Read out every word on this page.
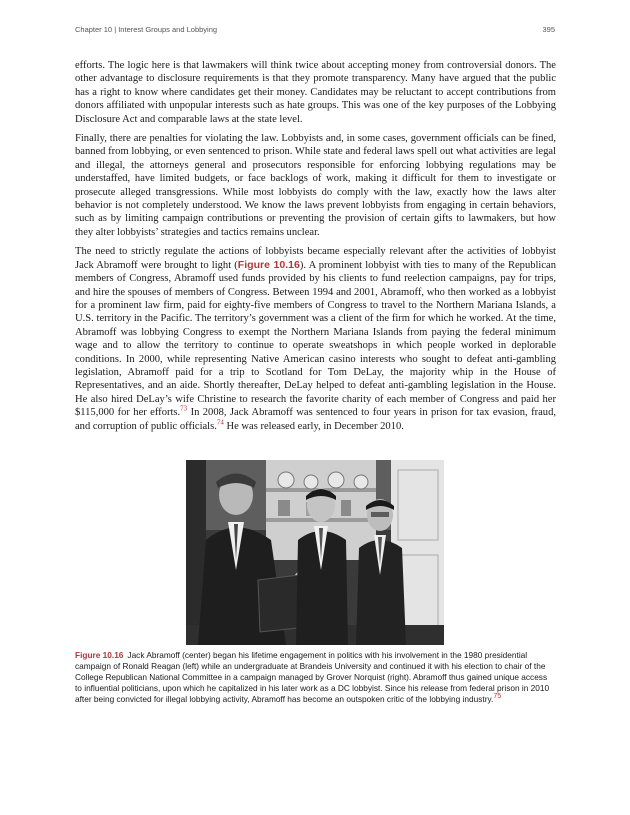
Chapter 10 | Interest Groups and Lobbying	395

efforts. The logic here is that lawmakers will think twice about accepting money from controversial donors. The other advantage to disclosure requirements is that they promote transparency. Many have argued that the public has a right to know where candidates get their money. Candidates may be reluctant to accept contributions from donors affiliated with unpopular interests such as hate groups. This was one of the key purposes of the Lobbying Disclosure Act and comparable laws at the state level.

Finally, there are penalties for violating the law. Lobbyists and, in some cases, government officials can be fined, banned from lobbying, or even sentenced to prison. While state and federal laws spell out what activities are legal and illegal, the attorneys general and prosecutors responsible for enforcing lobbying regulations may be understaffed, have limited budgets, or face backlogs of work, making it difficult for them to investigate or prosecute alleged transgressions. While most lobbyists do comply with the law, exactly how the laws alter behavior is not completely understood. We know the laws prevent lobbyists from engaging in certain behaviors, such as by limiting campaign contributions or preventing the provision of certain gifts to lawmakers, but how they alter lobbyists’ strategies and tactics remains unclear.

The need to strictly regulate the actions of lobbyists became especially relevant after the activities of lobbyist Jack Abramoff were brought to light (Figure 10.16). A prominent lobbyist with ties to many of the Republican members of Congress, Abramoff used funds provided by his clients to fund reelection campaigns, pay for trips, and hire the spouses of members of Congress. Between 1994 and 2001, Abramoff, who then worked as a lobbyist for a prominent law firm, paid for eighty-five members of Congress to travel to the Northern Mariana Islands, a U.S. territory in the Pacific. The territory’s government was a client of the firm for which he worked. At the time, Abramoff was lobbying Congress to exempt the Northern Mariana Islands from paying the federal minimum wage and to allow the territory to continue to operate sweatshops in which people worked in deplorable conditions. In 2000, while representing Native American casino interests who sought to defeat anti-gambling legislation, Abramoff paid for a trip to Scotland for Tom DeLay, the majority whip in the House of Representatives, and an aide. Shortly thereafter, DeLay helped to defeat anti-gambling legislation in the House. He also hired DeLay’s wife Christine to research the favorite charity of each member of Congress and paid her $115,000 for her efforts.$^{73}$ In 2008, Jack Abramoff was sentenced to four years in prison for tax evasion, fraud, and corruption of public officials.$^{74}$ He was released early, in December 2010.

Figure 10.16 Jack Abramoff (center) began his lifetime engagement in politics with his involvement in the 1980 presidential campaign of Ronald Reagan (left) while an undergraduate at Brandeis University and continued it with his election to chair of the College Republican National Committee in a campaign managed by Grover Norquist (right). Abramoff thus gained unique access to influential politicians, upon which he capitalized in his later work as a DC lobbyist. Since his release from federal prison in 2010 after being convicted for illegal lobbying activity, Abramoff has become an outspoken critic of the lobbying industry.$^{75}$
